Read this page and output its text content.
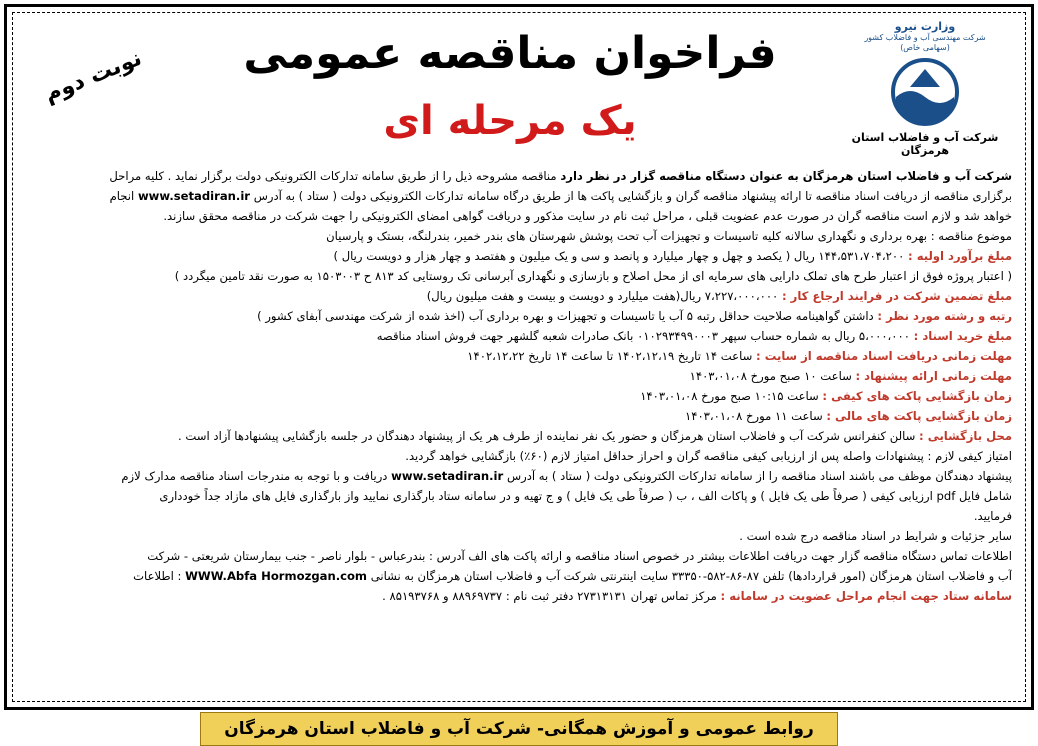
وزارت نیرو
شرکت مهندسی آب و فاضلاب کشور
(سهامی خاص)
شرکت آب و فاضلاب استان هرمزگان
فراخوان مناقصه عمومی
یک مرحله ای
نوبت دوم

شرکت آب و فاضلاب استان هرمزگان به عنوان دستگاه مناقصه گزار در نظر دارد مناقصه مشروحه ذیل را از طریق سامانه تدارکات الکترونیکی دولت برگزار نماید . کلیه مراحل

برگزاری مناقصه از دریافت اسناد مناقصه تا ارائه پیشنهاد مناقصه گران و بازگشایی پاکت ها از طریق درگاه سامانه تدارکات الکترونیکی دولت ( ستاد ) به آدرس www.setadiran.ir انجام

خواهد شد و لازم است مناقصه گران در صورت عدم عضویت قبلی ، مراحل ثبت نام در سایت مذکور و دریافت گواهی امضای الکترونیکی را جهت شرکت در مناقصه محقق سازند.

موضوع مناقصه : بهره برداری و نگهداری سالانه کلیه تاسیسات و تجهیزات آب تحت پوشش شهرستان های بندر خمیر، بندرلنگه، بستک و پارسیان

مبلغ برآورد اولیه : ۱۴۴،۵۳۱،۷۰۴،۲۰۰ ریال ( یکصد و چهل و چهار میلیارد و پانصد و سی و یک میلیون و هفتصد و چهار هزار و دویست ریال )

( اعتبار پروژه فوق از اعتبار طرح های تملک دارایی های سرمایه ای از محل اصلاح و بازسازی و نگهداری آبرسانی تک روستایی کد ۸۱۳ ح ۱۵۰۳۰۰۳ به صورت نقد تامین میگردد )

مبلغ تضمین شرکت در فرایند ارجاع کار : ۷،۲۲۷،۰۰۰،۰۰۰ ریال(هفت میلیارد و دویست و بیست و هفت میلیون ریال)

رتبه و رشته مورد نظر : داشتن گواهینامه صلاحیت حداقل رتبه ۵ آب یا تاسیسات و تجهیزات و بهره برداری آب (اخذ شده از شرکت مهندسی آبفای کشور )

مبلغ خرید اسناد : ۵،۰۰۰،۰۰۰ ریال به شماره حساب سپهر ۰۱۰۲۹۳۴۹۹۰۰۰۳ بانک صادرات شعبه گلشهر جهت فروش اسناد مناقصه

مهلت زمانی دریافت اسناد مناقصه از سایت : ساعت ۱۴ تاریخ ۱۴۰۲،۱۲،۱۹ تا ساعت ۱۴ تاریخ ۱۴۰۲،۱۲،۲۲

مهلت زمانی ارائه پیشنهاد : ساعت ۱۰ صبح مورخ ۱۴۰۳،۰۱،۰۸

زمان بازگشایی پاکت های کیفی : ساعت ۱۰:۱۵ صبح مورخ ۱۴۰۳،۰۱،۰۸

زمان بازگشایی پاکت های مالی : ساعت ۱۱ مورخ ۱۴۰۳،۰۱،۰۸

محل بازگشایی : سالن کنفرانس شرکت آب و فاضلاب استان هرمزگان و حضور یک نفر نماینده از طرف هر یک از پیشنهاد دهندگان در جلسه بازگشایی پیشنهادها آزاد است .

امتیاز کیفی لازم : پیشنهادات واصله پس از ارزیابی کیفی مناقصه گران و احراز حداقل امتیاز لازم (۶۰٪) بازگشایی خواهد گردید.

پیشنهاد دهندگان موظف می باشند اسناد مناقصه را از سامانه تدارکات الکترونیکی دولت ( ستاد ) به آدرس www.setadiran.ir دریافت و با توجه به مندرجات اسناد مناقصه مدارک لازم

شامل فایل pdf ارزیابی کیفی ( صرفاً طی یک فایل ) و پاکات الف ، ب ( صرفاً طی یک فایل ) و ج تهیه و در سامانه ستاد بارگذاری نمایید واز بارگذاری فایل های مازاد جداً خودداری

فرمایید.

سایر جزئیات و شرایط در اسناد مناقصه درج شده است .

اطلاعات تماس دستگاه مناقصه گزار جهت دریافت اطلاعات بیشتر در خصوص اسناد مناقصه و ارائه پاکت های الف آدرس : بندرعباس - بلوار ناصر - جنب بیمارستان شریعتی - شرکت

آب و فاضلاب استان هرمزگان (امور قراردادها) تلفن ۸۷-۸۶-۵۸۲-۳۳۳۵۰ سایت اینترنتی شرکت آب و فاضلاب استان هرمزگان به نشانی WWW.Abfa Hormozgan.com : اطلاعات

سامانه ستاد جهت انجام مراحل عضویت در سامانه : مرکز تماس تهران ۲۷۳۱۳۱۳۱ دفتر ثبت نام : ۸۸۹۶۹۷۳۷ و ۸۵۱۹۳۷۶۸ .

روابط عمومی و آموزش همگانی- شرکت آب و فاضلاب استان هرمزگان
